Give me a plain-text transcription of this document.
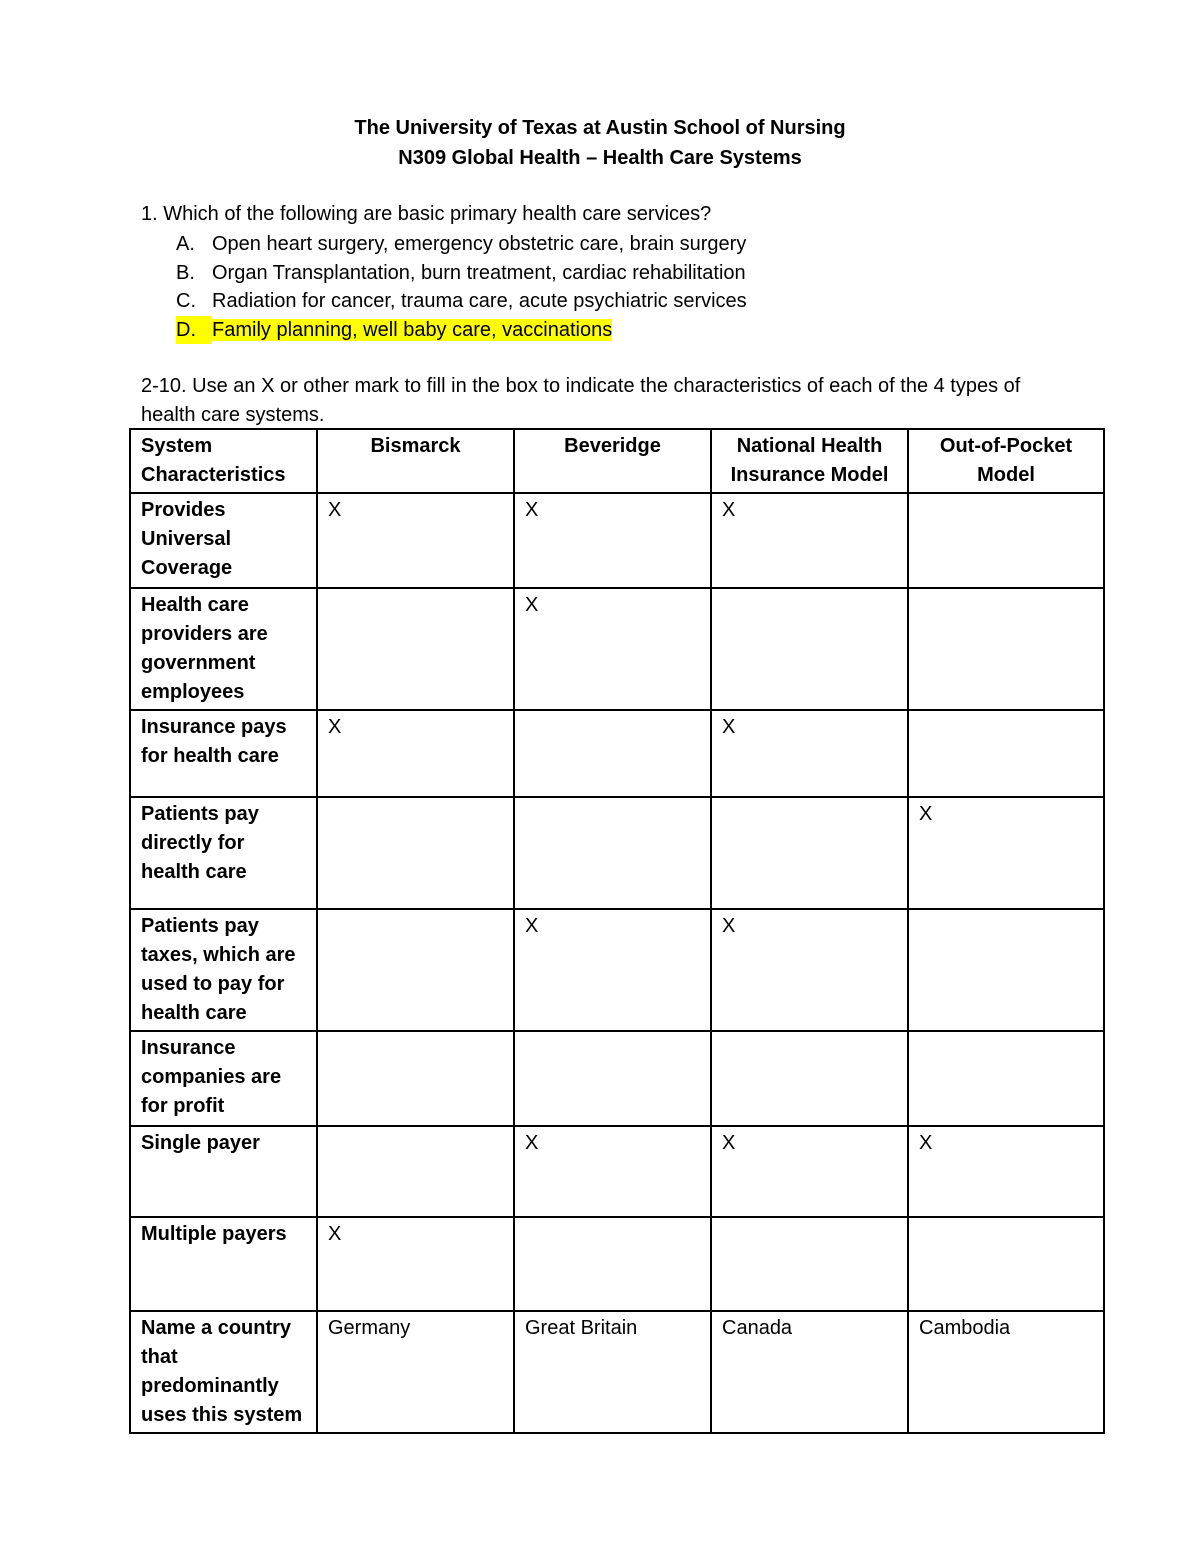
The University of Texas at Austin School of Nursing
N309 Global Health – Health Care Systems
1. Which of the following are basic primary health care services?
A. Open heart surgery, emergency obstetric care, brain surgery
B. Organ Transplantation, burn treatment, cardiac rehabilitation
C. Radiation for cancer, trauma care, acute psychiatric services
D. Family planning, well baby care, vaccinations
2-10. Use an X or other mark to fill in the box to indicate the characteristics of each of the 4 types of health care systems.
System Characteristics	Bismarck	Beveridge	National Health Insurance Model	Out-of-Pocket Model
Provides Universal Coverage	X	X	X	
Health care providers are government employees		X		
Insurance pays for health care	X		X	
Patients pay directly for health care				X
Patients pay taxes, which are used to pay for health care		X	X	
Insurance companies are for profit				
Single payer		X	X	X
Multiple payers	X			
Name a country that predominantly uses this system	Germany	Great Britain	Canada	Cambodia
